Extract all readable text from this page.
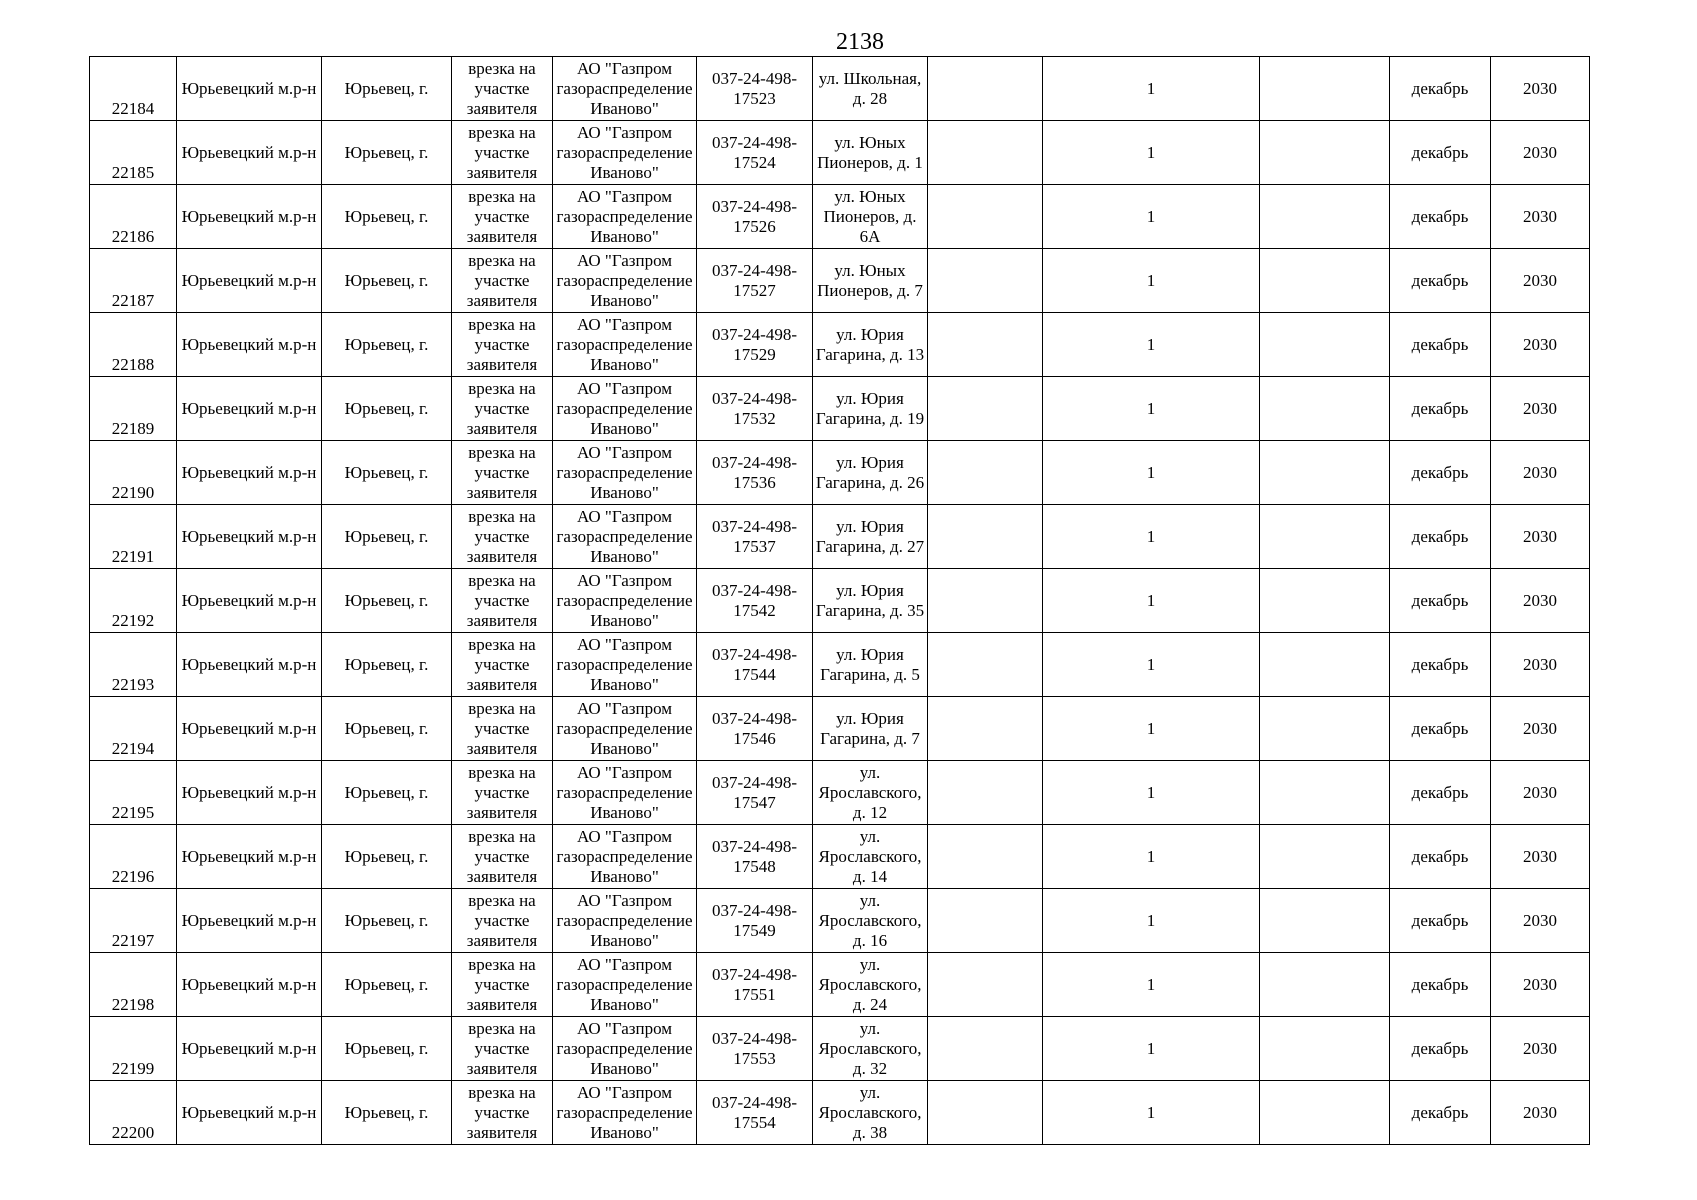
2138
22184	Юрьевецкий м.р-н	Юрьевец, г.	врезка на участке заявителя	АО "Газпром газораспределение Иваново"	037-24-498-17523	ул. Школьная, д. 28		1		декабрь	2030

22185	Юрьевецкий м.р-н	Юрьевец, г.	врезка на участке заявителя	АО "Газпром газораспределение Иваново"	037-24-498-17524	ул. Юных Пионеров, д. 1		1		декабрь	2030

22186	Юрьевецкий м.р-н	Юрьевец, г.	врезка на участке заявителя	АО "Газпром газораспределение Иваново"	037-24-498-17526	ул. Юных Пионеров, д. 6А		1		декабрь	2030

22187	Юрьевецкий м.р-н	Юрьевец, г.	врезка на участке заявителя	АО "Газпром газораспределение Иваново"	037-24-498-17527	ул. Юных Пионеров, д. 7		1		декабрь	2030

22188	Юрьевецкий м.р-н	Юрьевец, г.	врезка на участке заявителя	АО "Газпром газораспределение Иваново"	037-24-498-17529	ул. Юрия Гагарина, д. 13		1		декабрь	2030

22189	Юрьевецкий м.р-н	Юрьевец, г.	врезка на участке заявителя	АО "Газпром газораспределение Иваново"	037-24-498-17532	ул. Юрия Гагарина, д. 19		1		декабрь	2030

22190	Юрьевецкий м.р-н	Юрьевец, г.	врезка на участке заявителя	АО "Газпром газораспределение Иваново"	037-24-498-17536	ул. Юрия Гагарина, д. 26		1		декабрь	2030

22191	Юрьевецкий м.р-н	Юрьевец, г.	врезка на участке заявителя	АО "Газпром газораспределение Иваново"	037-24-498-17537	ул. Юрия Гагарина, д. 27		1		декабрь	2030

22192	Юрьевецкий м.р-н	Юрьевец, г.	врезка на участке заявителя	АО "Газпром газораспределение Иваново"	037-24-498-17542	ул. Юрия Гагарина, д. 35		1		декабрь	2030

22193	Юрьевецкий м.р-н	Юрьевец, г.	врезка на участке заявителя	АО "Газпром газораспределение Иваново"	037-24-498-17544	ул. Юрия Гагарина, д. 5		1		декабрь	2030

22194	Юрьевецкий м.р-н	Юрьевец, г.	врезка на участке заявителя	АО "Газпром газораспределение Иваново"	037-24-498-17546	ул. Юрия Гагарина, д. 7		1		декабрь	2030

22195	Юрьевецкий м.р-н	Юрьевец, г.	врезка на участке заявителя	АО "Газпром газораспределение Иваново"	037-24-498-17547	ул. Ярославского, д. 12		1		декабрь	2030

22196	Юрьевецкий м.р-н	Юрьевец, г.	врезка на участке заявителя	АО "Газпром газораспределение Иваново"	037-24-498-17548	ул. Ярославского, д. 14		1		декабрь	2030

22197	Юрьевецкий м.р-н	Юрьевец, г.	врезка на участке заявителя	АО "Газпром газораспределение Иваново"	037-24-498-17549	ул. Ярославского, д. 16		1		декабрь	2030

22198	Юрьевецкий м.р-н	Юрьевец, г.	врезка на участке заявителя	АО "Газпром газораспределение Иваново"	037-24-498-17551	ул. Ярославского, д. 24		1		декабрь	2030

22199	Юрьевецкий м.р-н	Юрьевец, г.	врезка на участке заявителя	АО "Газпром газораспределение Иваново"	037-24-498-17553	ул. Ярославского, д. 32		1		декабрь	2030

22200	Юрьевецкий м.р-н	Юрьевец, г.	врезка на участке заявителя	АО "Газпром газораспределение Иваново"	037-24-498-17554	ул. Ярославского, д. 38		1		декабрь	2030
